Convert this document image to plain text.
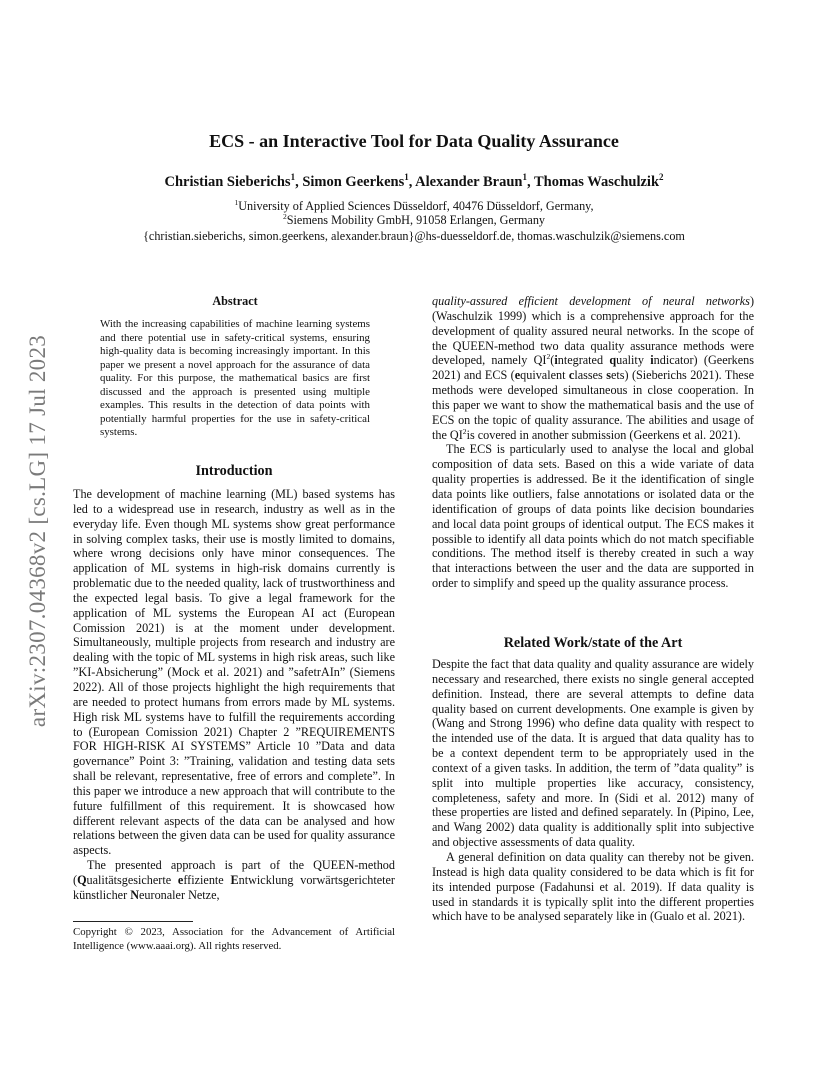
arXiv:2307.04368v2 [cs.LG] 17 Jul 2023
ECS - an Interactive Tool for Data Quality Assurance
Christian Sieberichs$^1$, Simon Geerkens$^1$, Alexander Braun$^1$, Thomas Waschulzik$^2$
$^1$University of Applied Sciences Düsseldorf, 40476 Düsseldorf, Germany,
$^2$Siemens Mobility GmbH, 91058 Erlangen, Germany
{christian.sieberichs, simon.geerkens, alexander.braun}@hs-duesseldorf.de, thomas.waschulzik@siemens.com
Abstract
With the increasing capabilities of machine learning systems and there potential use in safety-critical systems, ensuring high-quality data is becoming increasingly important. In this paper we present a novel approach for the assurance of data quality. For this purpose, the mathematical basics are first discussed and the approach is presented using multiple examples. This results in the detection of data points with potentially harmful properties for the use in safety-critical systems.
Introduction

The development of machine learning (ML) based systems has led to a widespread use in research, industry as well as in the everyday life. Even though ML systems show great performance in solving complex tasks, their use is mostly limited to domains, where wrong decisions only have minor consequences. The application of ML systems in high-risk domains currently is problematic due to the needed quality, lack of trustworthiness and the expected legal basis. To give a legal framework for the application of ML systems the European AI act (European Comission 2021) is at the moment under development. Simultaneously, multiple projects from research and industry are dealing with the topic of ML systems in high risk areas, such like ”KI-Absicherung” (Mock et al. 2021) and ”safetrAIn” (Siemens 2022). All of those projects highlight the high requirements that are needed to protect humans from errors made by ML systems. High risk ML systems have to fulfill the requirements according to (European Comission 2021) Chapter 2 ”REQUIREMENTS FOR HIGH-RISK AI SYSTEMS” Article 10 ”Data and data governance” Point 3: ”Training, validation and testing data sets shall be relevant, representative, free of errors and complete”. In this paper we introduce a new approach that will contribute to the future fulfillment of this requirement. It is showcased how different relevant aspects of the data can be analysed and how relations between the given data can be used for quality assurance aspects.

The presented approach is part of the QUEEN-method (Qualitätsgesicherte effiziente Entwicklung vorwärtsgerichteter künstlicher Neuronaler Netze,

Copyright © 2023, Association for the Advancement of Artificial Intelligence (www.aaai.org). All rights reserved.

quality-assured efficient development of neural networks) (Waschulzik 1999) which is a comprehensive approach for the development of quality assured neural networks. In the scope of the QUEEN-method two data quality assurance methods were developed, namely $QI^2(integrated$ quality indicator) (Geerkens 2021) and ECS (equivalent classes sets) (Sieberichs 2021). These methods were developed simultaneous in close cooperation. In this paper we want to show the mathematical basis and the use of ECS on the topic of quality assurance. The abilities and usage of the $QI^2is$ covered in another submission (Geerkens et al. 2021).

The ECS is particularly used to analyse the local and global composition of data sets. Based on this a wide variate of data quality properties is addressed. Be it the identification of single data points like outliers, false annotations or isolated data or the identification of groups of data points like decision boundaries and local data point groups of identical output. The ECS makes it possible to identify all data points which do not match specifiable conditions. The method itself is thereby created in such a way that interactions between the user and the data are supported in order to simplify and speed up the quality assurance process.

Related Work/state of the Art

Despite the fact that data quality and quality assurance are widely necessary and researched, there exists no single general accepted definition. Instead, there are several attempts to define data quality based on current developments. One example is given by (Wang and Strong 1996) who define data quality with respect to the intended use of the data. It is argued that data quality has to be a context dependent term to be appropriately used in the context of a given tasks. In addition, the term of ”data quality” is split into multiple properties like accuracy, consistency, completeness, safety and more. In (Sidi et al. 2012) many of these properties are listed and defined separately. In (Pipino, Lee, and Wang 2002) data quality is additionally split into subjective and objective assessments of data quality.

A general definition on data quality can thereby not be given. Instead is high data quality considered to be data which is fit for its intended purpose (Fadahunsi et al. 2019). If data quality is used in standards it is typically split into the different properties which have to be analysed separately like in (Gualo et al. 2021).
